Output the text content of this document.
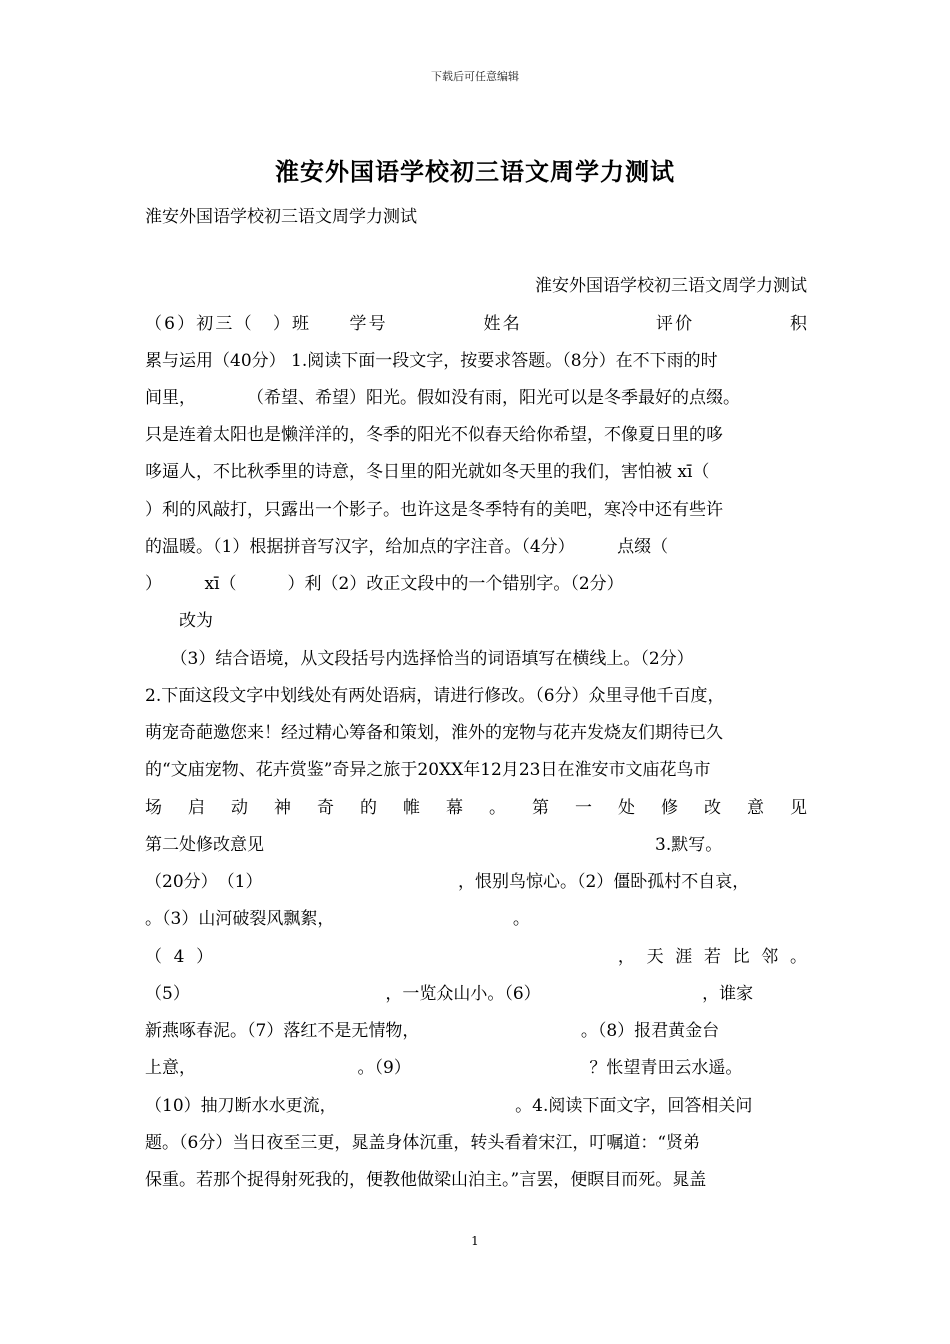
下载后可任意编辑
淮安外国语学校初三语文周学力测试
淮安外国语学校初三语文周学力测试
淮安外国语学校初三语文周学力测试
（6）初三（　）班　　学号　　　　　姓名　　　　　　　评价　　　　　积
累与运用（40分） 1.阅读下面一段文字，按要求答题。（8分）在不下雨的时
间里，　　　　（希望、希望）阳光。假如没有雨，阳光可以是冬季最好的点缀。
只是连着太阳也是懒洋洋的，冬季的阳光不似春天给你希望，不像夏日里的哆
哆逼人，不比秋季里的诗意，冬日里的阳光就如冬天里的我们，害怕被 xī（
）利的风敲打，只露出一个影子。也许这是冬季特有的美吧，寒冷中还有些许
的温暖。（1）根据拼音写汉字，给加点的字注音。（4分）　　　点缀（
）　　　xī（　　　）利（2）改正文段中的一个错别字。（2分）
　　改为
　　（3）结合语境，从文段括号内选择恰当的词语填写在横线上。（2分）
2.下面这段文字中划线处有两处语病，请进行修改。（6分）众里寻他千百度，
萌宠奇葩邀您来！经过精心筹备和策划，淮外的宠物与花卉发烧友们期待已久
的“文庙宠物、花卉赏鉴”奇异之旅于20XX年12月23日在淮安市文庙花鸟市
场启动神奇的帷幕。第一处修改意见
第二处修改意见　　　　　　　　　　　　　　　　　　　　　　　3.默写。
（20分）　（1）　　　　　　　　　　　　，恨别鸟惊心。（2）僵卧孤村不自哀，
。（3）山河破裂风飘絮，　　　　　　　　　　　。
（4）　　　　　　　　　　　　　　，天涯若比邻。
（5）　　　　　　　　　　　　，一览众山小。（6）　　　　　　　　　　，谁家
新燕啄春泥。（7）落红不是无情物，　　　　　　　　　　。（8）报君黄金台
上意，　　　　　　　　　　。（9）　　　　　　　　　　　？怅望青田云水遥。
（10）抽刀断水水更流，　　　　　　　　　　　。4.阅读下面文字，回答相关问
题。（6分）当日夜至三更，晁盖身体沉重，转头看着宋江，叮嘱道：“贤弟
保重。若那个捉得射死我的，便教他做梁山泊主。”言罢，便瞑目而死。晁盖
1
